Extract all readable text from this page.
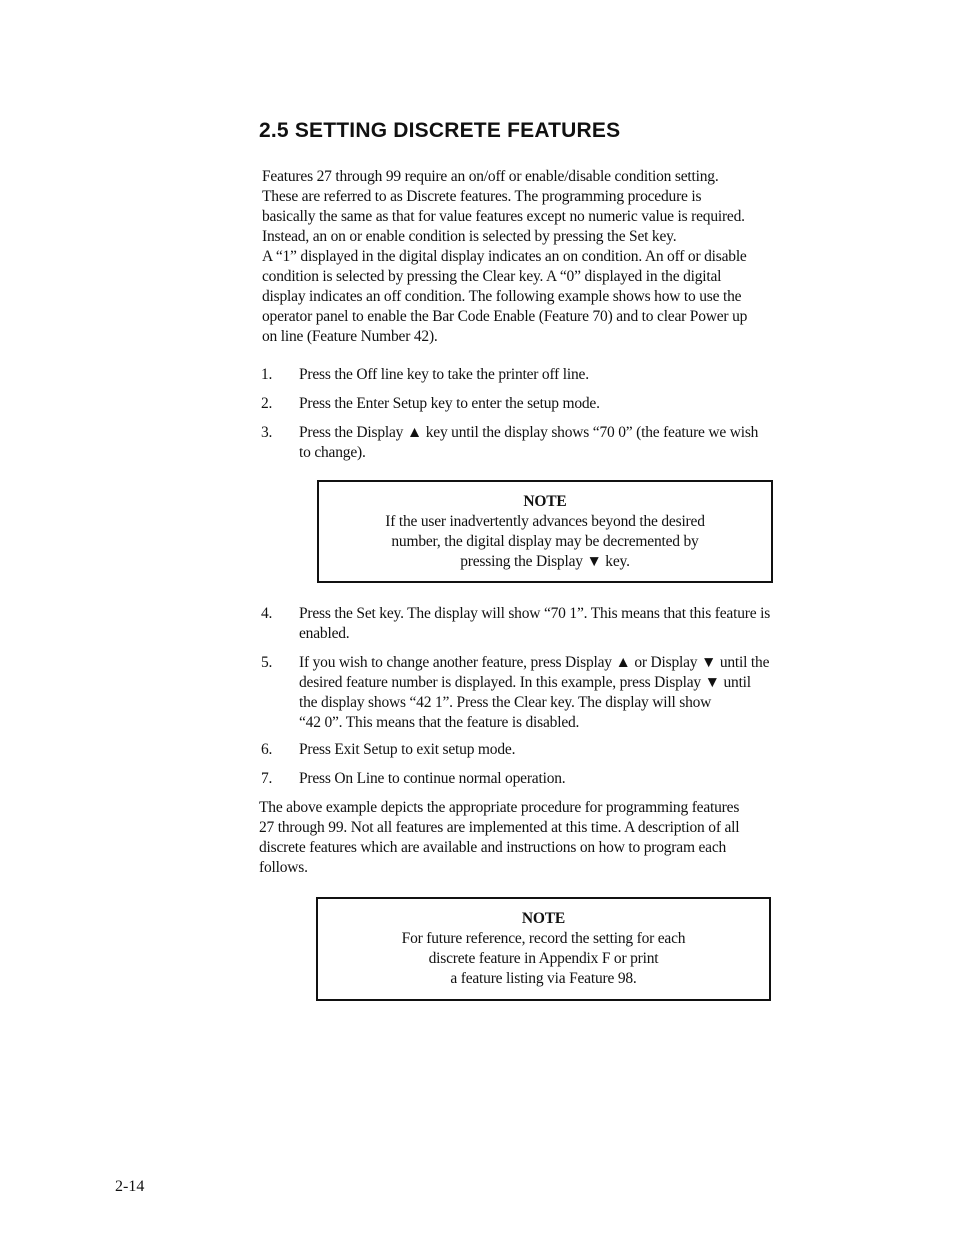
2.5 SETTING DISCRETE FEATURES

Features 27 through 99 require an on/off or enable/disable condition setting.
These are referred to as Discrete features. The programming procedure is
basically the same as that for value features except no numeric value is required.
Instead, an on or enable condition is selected by pressing the Set key.
A “1” displayed in the digital display indicates an on condition. An off or disable
condition is selected by pressing the Clear key. A “0” displayed in the digital
display indicates an off condition. The following example shows how to use the
operator panel to enable the Bar Code Enable (Feature 70) and to clear Power up
on line (Feature Number 42).

1.	Press the Off line key to take the printer off line.
2.	Press the Enter Setup key to enter the setup mode.
3.	Press the Display ▲ key until the display shows “70 0” (the feature we wish
to change).
NOTE
If the user inadvertently advances beyond the desired
number, the digital display may be decremented by
pressing the Display ▼ key.
4.	Press the Set key. The display will show “70 1”. This means that this feature is
enabled.
5.	If you wish to change another feature, press Display ▲ or Display ▼ until the
desired feature number is displayed. In this example, press Display ▼ until
the display shows “42 1”. Press the Clear key. The display will show
“42 0”. This means that the feature is disabled.
6.	Press Exit Setup to exit setup mode.
7.	Press On Line to continue normal operation.

The above example depicts the appropriate procedure for programming features
27 through 99. Not all features are implemented at this time. A description of all
discrete features which are available and instructions on how to program each
follows.

NOTE
For future reference, record the setting for each
discrete feature in Appendix F or print
a feature listing via Feature 98.
2-14
